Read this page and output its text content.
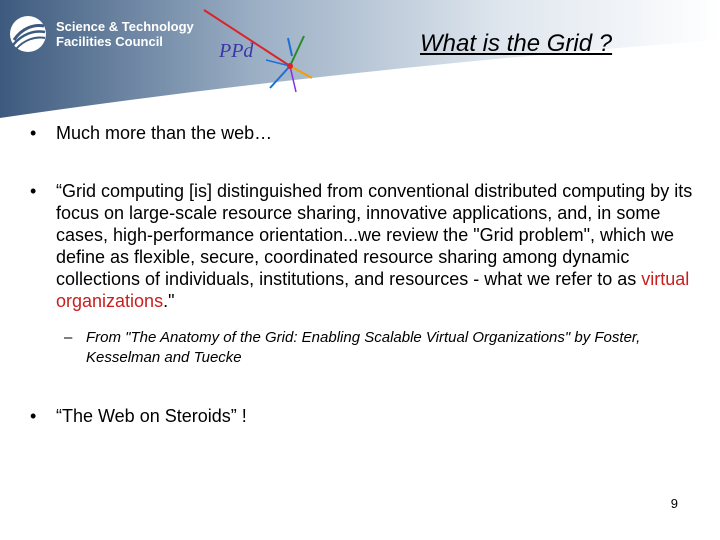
Science & Technology
Facilities Council	PPd	What is the Grid ?
•	Much more than the web…
•	“Grid computing [is] distinguished from conventional distributed computing by its focus on large-scale resource sharing, innovative applications, and, in some cases, high-performance orientation...we review the "Grid problem", which we define as flexible, secure, coordinated resource sharing among dynamic collections of individuals, institutions, and resources - what we refer to as virtual organizations."
– From "The Anatomy of the Grid: Enabling Scalable Virtual Organizations" by Foster, Kesselman and Tuecke
•	“The Web on Steroids” !
9
